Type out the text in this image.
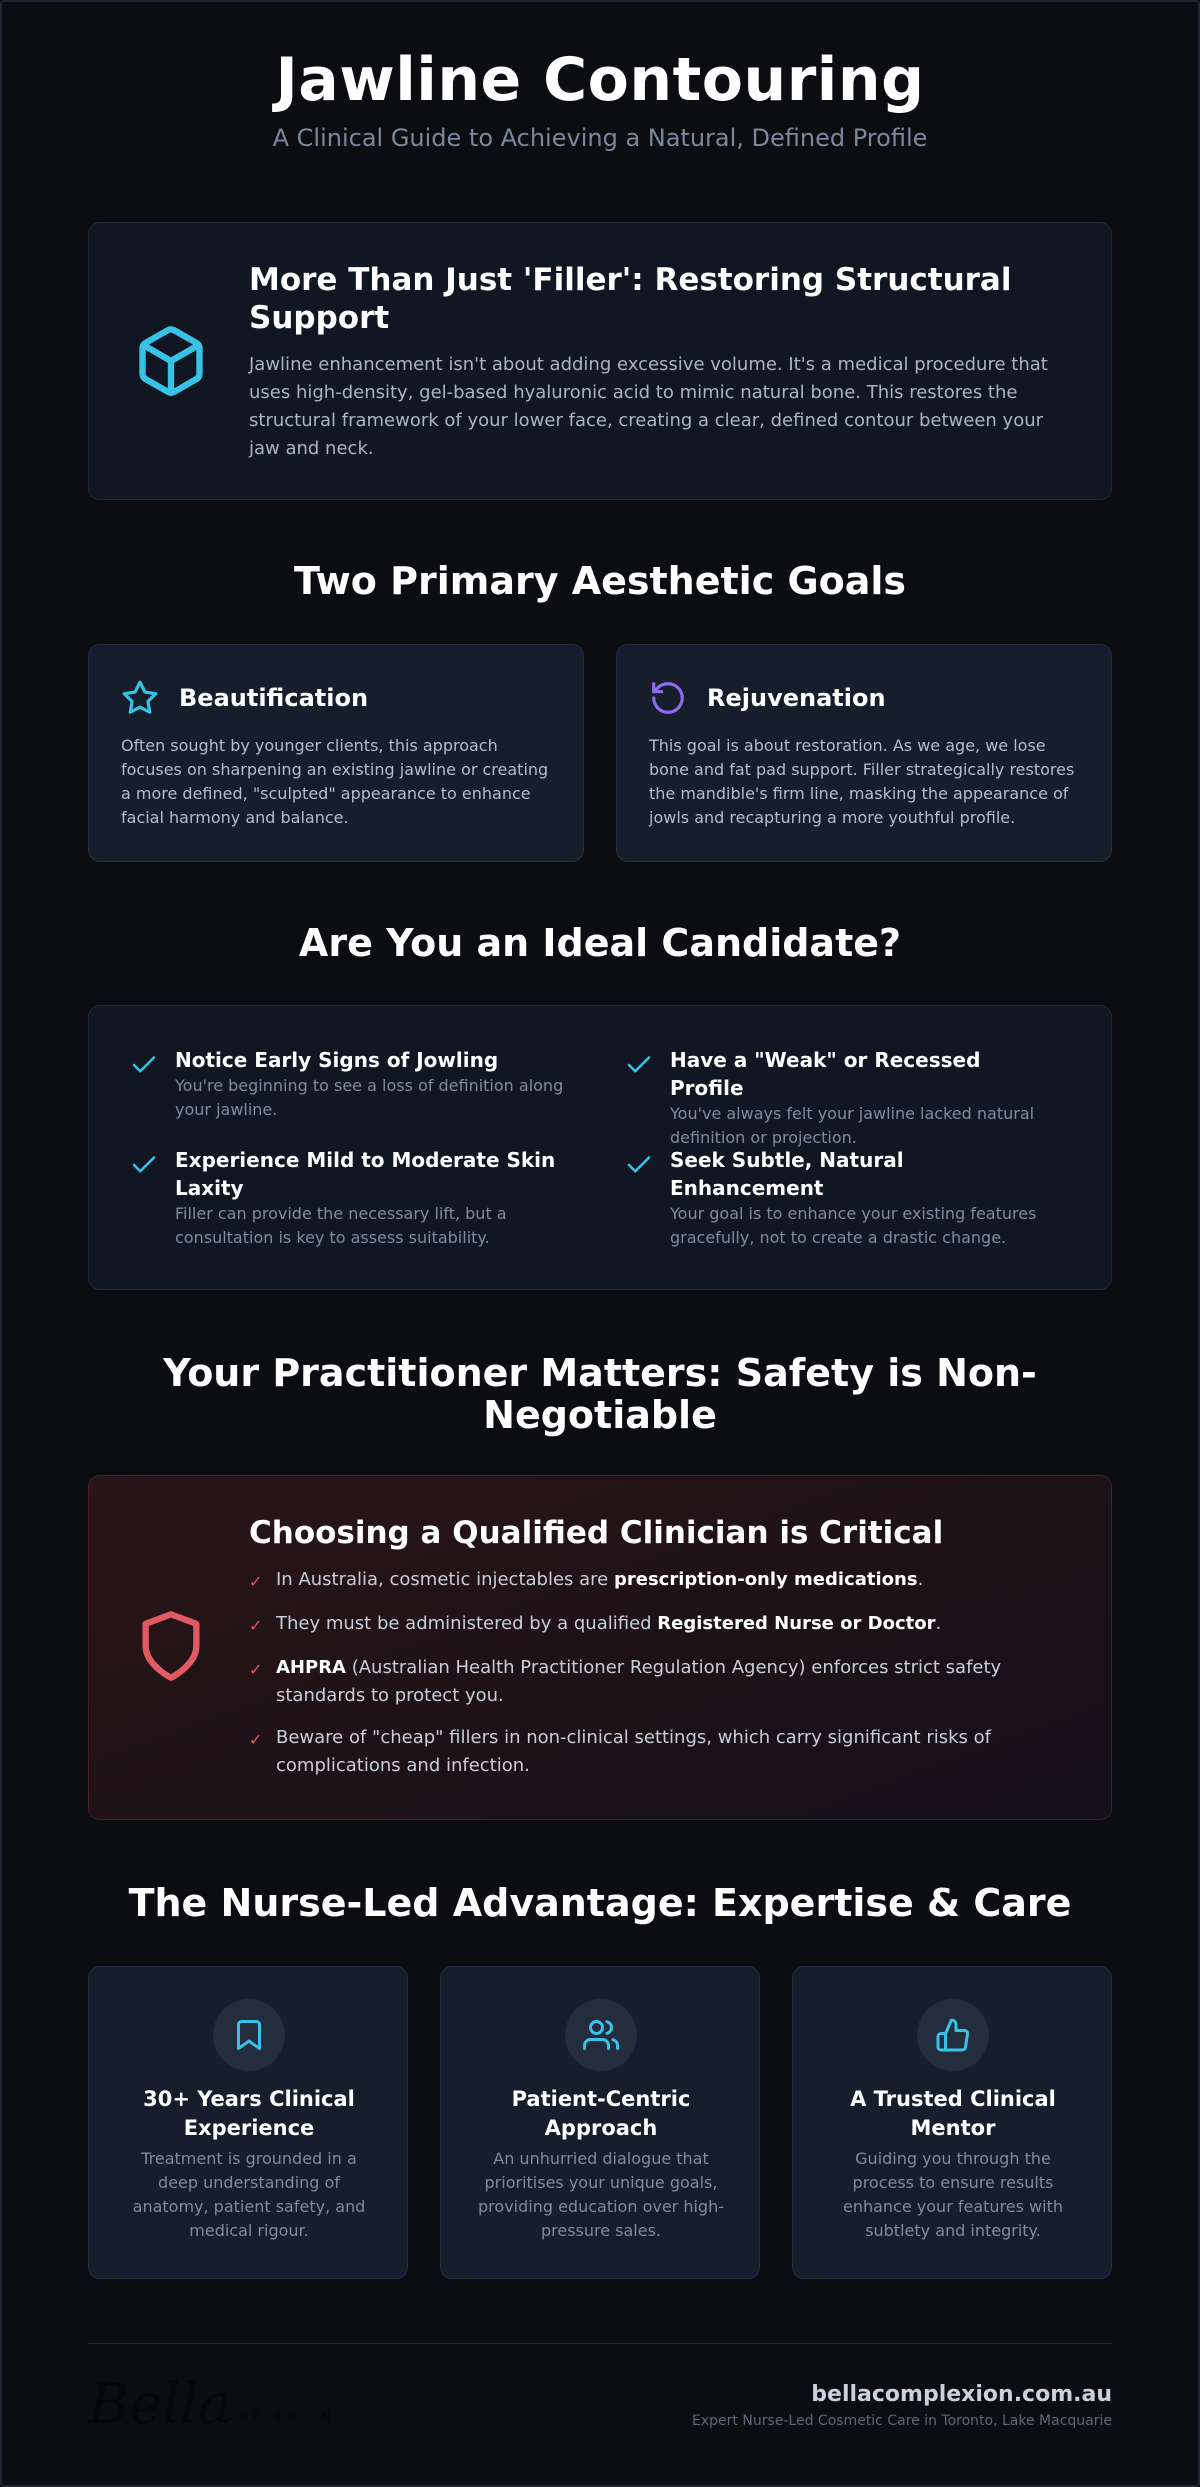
Jawline Contouring
A Clinical Guide to Achieving a Natural, Defined Profile
More Than Just 'Filler': Restoring Structural Support

Jawline enhancement isn't about adding excessive volume. It's a medical procedure that uses high-density, gel-based hyaluronic acid to mimic natural bone. This restores the structural framework of your lower face, creating a clear, defined contour between your jaw and neck.

Two Primary Aesthetic Goals
Beautification

Often sought by younger clients, this approach focuses on sharpening an existing jawline or creating a more defined, "sculpted" appearance to enhance facial harmony and balance.

Rejuvenation

This goal is about restoration. As we age, we lose bone and fat pad support. Filler strategically restores the mandible's firm line, masking the appearance of jowls and recapturing a more youthful profile.

Are You an Ideal Candidate?
Notice Early Signs of Jowling

You're beginning to see a loss of definition along your jawline.

Have a "Weak" or Recessed Profile

You've always felt your jawline lacked natural definition or projection.

Experience Mild to Moderate Skin Laxity

Filler can provide the necessary lift, but a consultation is key to assess suitability.

Seek Subtle, Natural Enhancement

Your goal is to enhance your existing features gracefully, not to create a drastic change.

Your Practitioner Matters: Safety is Non-Negotiable
Choosing a Qualified Clinician is Critical
✓ In Australia, cosmetic injectables are prescription-only medications.
✓ They must be administered by a qualified Registered Nurse or Doctor.
✓ AHPRA (Australian Health Practitioner Regulation Agency) enforces strict safety standards to protect you.
✓ Beware of "cheap" fillers in non-clinical settings, which carry significant risks of complications and infection.
The Nurse-Led Advantage: Expertise & Care
30+ Years Clinical Experience

Treatment is grounded in a deep understanding of anatomy, patient safety, and medical rigour.

Patient-Centric Approach

An unhurried dialogue that prioritises your unique goals, providing education over high-pressure sales.

A Trusted Clinical Mentor

Guiding you through the process to ensure results enhance your features with subtlety and integrity.

Bella
COMPLEXION
bellacomplexion.com.au
Expert Nurse-Led Cosmetic Care in Toronto, Lake Macquarie
